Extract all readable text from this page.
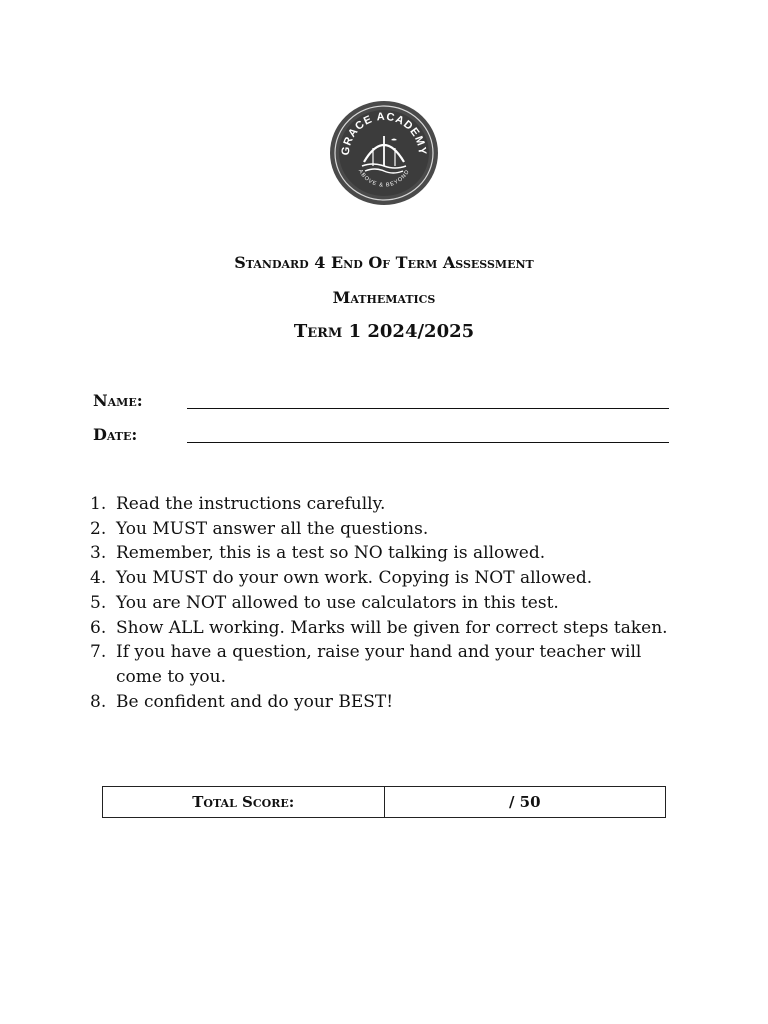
GRACE ACADEMY
ABOVE & BEYOND
Standard 4 End Of Term Assessment
Mathematics
Term 1 2024/2025
Name:
Date:
1. Read the instructions carefully.
2. You MUST answer all the questions.
3. Remember, this is a test so NO talking is allowed.
4. You MUST do your own work. Copying is NOT allowed.
5. You are NOT allowed to use calculators in this test.
6. Show ALL working. Marks will be given for correct steps taken.
7. If you have a question, raise your hand and your teacher will come to you.
8. Be confident and do your BEST!
Total Score:	/ 50
